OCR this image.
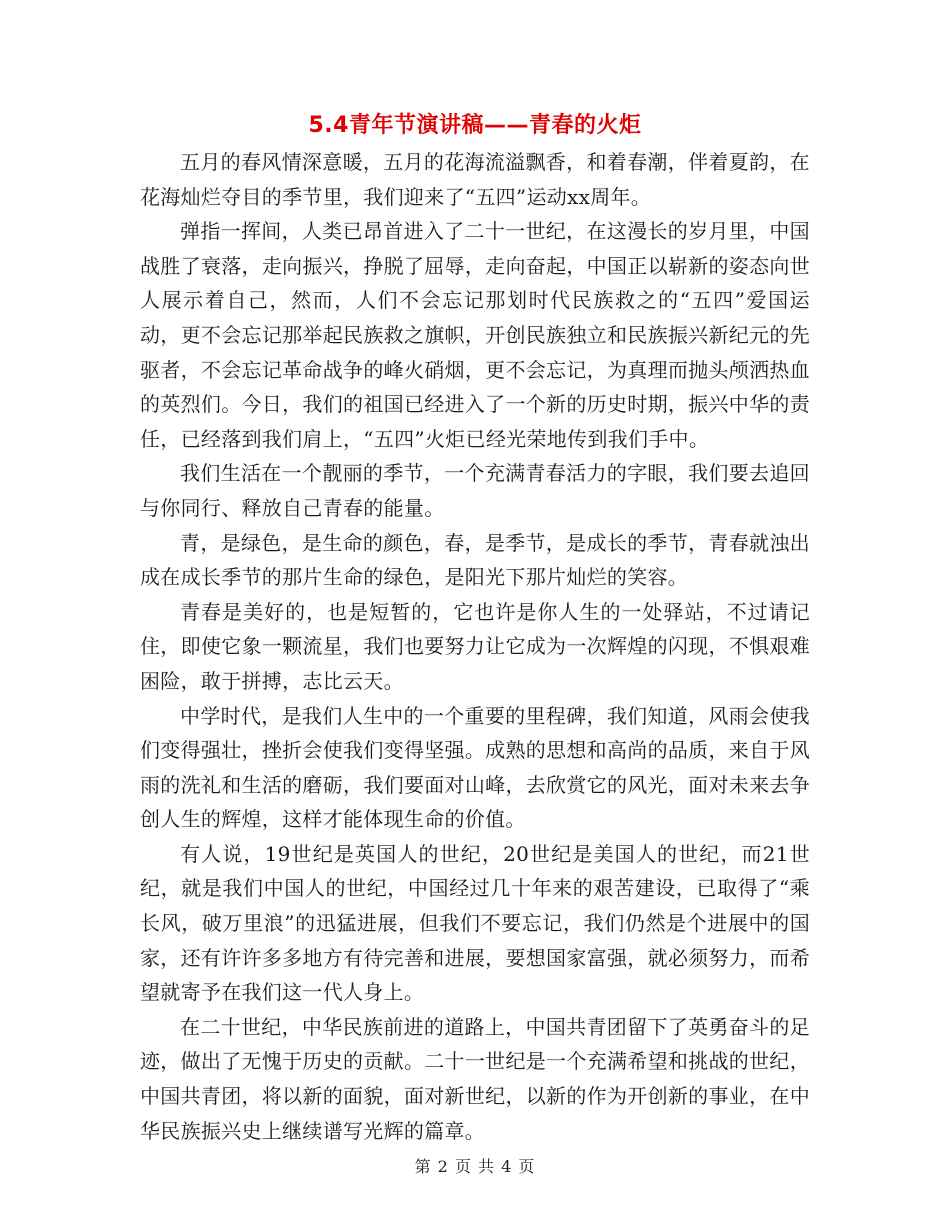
5.4青年节演讲稿——青春的火炬

五月的春风情深意暖，五月的花海流溢飘香，和着春潮，伴着夏韵，在花海灿烂夺目的季节里，我们迎来了“五四”运动xx周年。

弹指一挥间，人类已昂首进入了二十一世纪，在这漫长的岁月里，中国战胜了衰落，走向振兴，挣脱了屈辱，走向奋起，中国正以崭新的姿态向世人展示着自己，然而，人们不会忘记那划时代民族救之的“五四”爱国运动，更不会忘记那举起民族救之旗帜，开创民族独立和民族振兴新纪元的先驱者，不会忘记革命战争的峰火硝烟，更不会忘记，为真理而抛头颅洒热血的英烈们。今日，我们的祖国已经进入了一个新的历史时期，振兴中华的责任，已经落到我们肩上，“五四”火炬已经光荣地传到我们手中。

我们生活在一个靓丽的季节，一个充满青春活力的字眼，我们要去追回与你同行、释放自己青春的能量。

青，是绿色，是生命的颜色，春，是季节，是成长的季节，青春就浊出成在成长季节的那片生命的绿色，是阳光下那片灿烂的笑容。

青春是美好的，也是短暂的，它也许是你人生的一处驿站，不过请记住，即使它象一颗流星，我们也要努力让它成为一次辉煌的闪现，不惧艰难困险，敢于拼搏，志比云天。

中学时代，是我们人生中的一个重要的里程碑，我们知道，风雨会使我们变得强壮，挫折会使我们变得坚强。成熟的思想和高尚的品质，来自于风雨的洗礼和生活的磨砺，我们要面对山峰，去欣赏它的风光，面对未来去争创人生的辉煌，这样才能体现生命的价值。

有人说，19世纪是英国人的世纪，20世纪是美国人的世纪，而21世纪，就是我们中国人的世纪，中国经过几十年来的艰苦建设，已取得了“乘长风，破万里浪”的迅猛进展，但我们不要忘记，我们仍然是个进展中的国家，还有许许多多地方有待完善和进展，要想国家富强，就必须努力，而希望就寄予在我们这一代人身上。

在二十世纪，中华民族前进的道路上，中国共青团留下了英勇奋斗的足迹，做出了无愧于历史的贡献。二十一世纪是一个充满希望和挑战的世纪，中国共青团，将以新的面貌，面对新世纪，以新的作为开创新的事业，在中华民族振兴史上继续谱写光辉的篇章。

第 2 页 共 4 页
